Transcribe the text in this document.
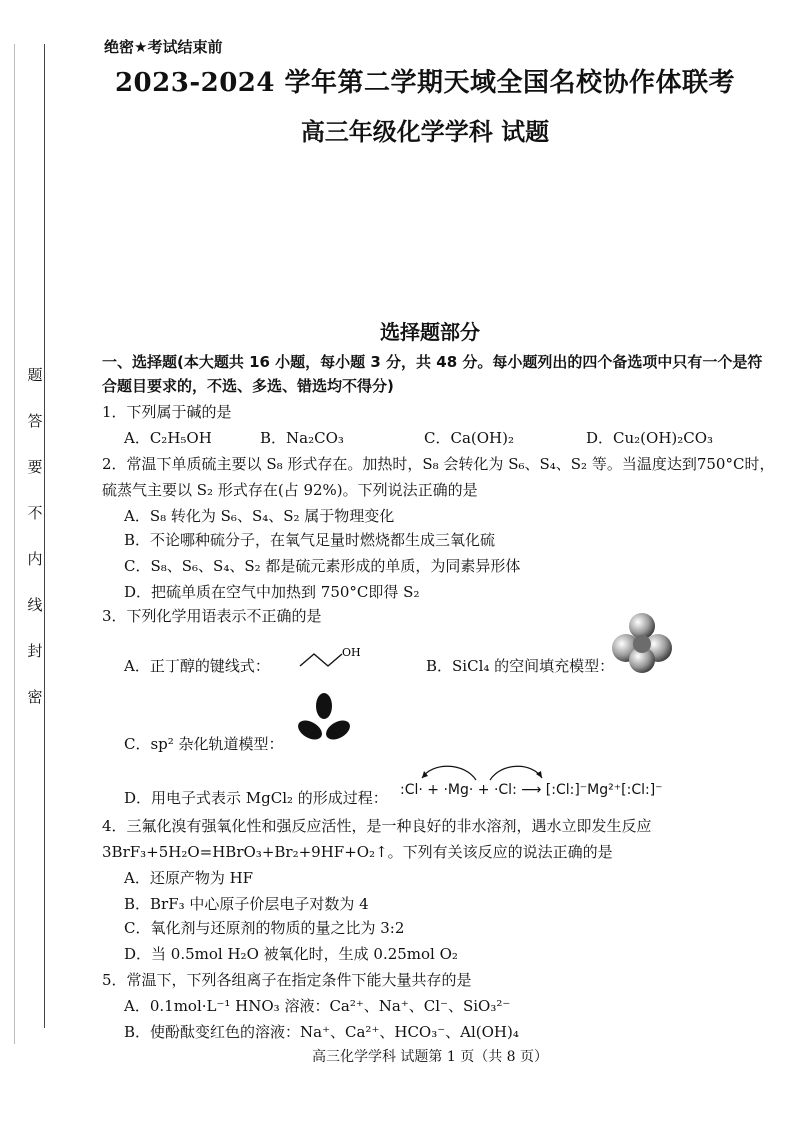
题
答
要
不
内
线
封
密
绝密★考试结束前
2023-2024 学年第二学期天域全国名校协作体联考
高三年级化学学科 试题
选择题部分
一、选择题(本大题共 16 小题，每小题 3 分，共 48 分。每小题列出的四个备选项中只有一个是符
合题目要求的，不选、多选、错选均不得分)
1．下列属于碱的是
A．C₂H₅OH	B．Na₂CO₃	C．Ca(OH)₂	D．Cu₂(OH)₂CO₃
2．常温下单质硫主要以 S₈ 形式存在。加热时，S₈ 会转化为 S₆、S₄、S₂ 等。当温度达到750°C时，
硫蒸气主要以 S₂ 形式存在(占 92%)。下列说法正确的是
A．S₈ 转化为 S₆、S₄、S₂ 属于物理变化
B．不论哪种硫分子，在氧气足量时燃烧都生成三氧化硫
C．S₈、S₆、S₄、S₂ 都是硫元素形成的单质，为同素异形体
D．把硫单质在空气中加热到 750°C即得 S₂
3．下列化学用语表示不正确的是
A．正丁醇的键线式：
OH
B．SiCl₄ 的空间填充模型：
C．sp² 杂化轨道模型：
D．用电子式表示 MgCl₂ 的形成过程： :Cl· + ·Mg· + ·Cl: ⟶ [:Cl:]⁻Mg²⁺[:Cl:]⁻
4．三氟化溴有强氧化性和强反应活性，是一种良好的非水溶剂，遇水立即发生反应
3BrF₃+5H₂O=HBrO₃+Br₂+9HF+O₂↑。下列有关该反应的说法正确的是
A．还原产物为 HF
B．BrF₃ 中心原子价层电子对数为 4
C．氧化剂与还原剂的物质的量之比为 3:2
D．当 0.5mol H₂O 被氧化时，生成 0.25mol O₂
5．常温下，下列各组离子在指定条件下能大量共存的是
A．0.1mol·L⁻¹ HNO₃ 溶液：Ca²⁺、Na⁺、Cl⁻、SiO₃²⁻
B．使酚酞变红色的溶液：Na⁺、Ca²⁺、HCO₃⁻、Al(OH)₄
高三化学学科 试题第 1 页（共 8 页）
